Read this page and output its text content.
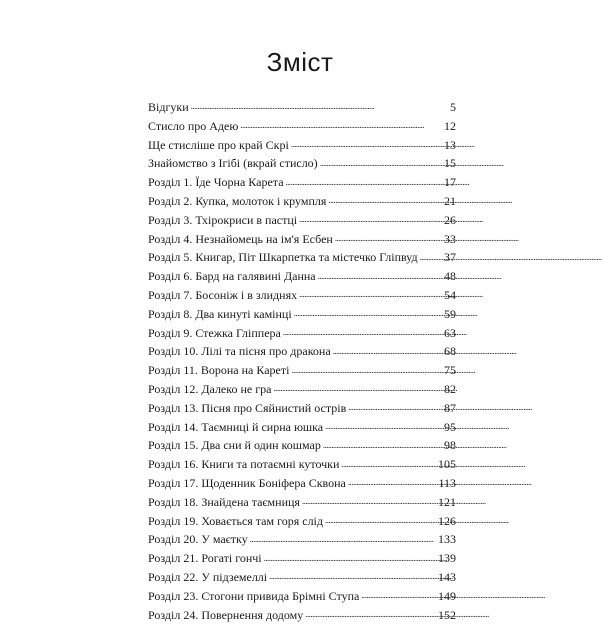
Зміст
Відгуки . . .	5
Стисло про Адею . . .	12
Ще стисліше про край Скрі . . .	13
Знайомство з Ігібі (вкрай стисло) . . .	15
Розділ 1. Їде Чорна Карета . . .	17
Розділ 2. Купка, молоток і крумпля . . .	21
Розділ 3. Тхірокриси в пастці . . .	26
Розділ 4. Незнайомець на ім'я Есбен . . .	33
Розділ 5. Книгар, Піт Шкарпетка та містечко Гліпвуд . . . 37
Розділ 6. Бард на галявині Данна . . .	48
Розділ 7. Босоніж і в злиднях . . .	54
Розділ 8. Два кинуті камінці . . .	59
Розділ 9. Стежка Гліппера . . .	63
Розділ 10. Лілі та пісня про дракона . . .	68
Розділ 11. Ворона на Кареті . . .	75
Розділ 12. Далеко не гра . . .	82
Розділ 13. Пісня про Сяйнистий острів . . .	87
Розділ 14. Таємниці й сирна юшка . . .	95
Розділ 15. Два сни й один кошмар . . .	98
Розділ 16. Книги та потаємні куточки . . .	105
Розділ 17. Щоденник Боніфера Сквона . . .	113
Розділ 18. Знайдена таємниця . . .	121
Розділ 19. Ховається там горя слід . . .	126
Розділ 20. У маєтку . . .	133
Розділ 21. Рогаті гончі . . .	139
Розділ 22. У підземеллі . . .	143
Розділ 23. Стогони привида Брімні Ступа . . .	149
Розділ 24. Повернення додому . . .	152
